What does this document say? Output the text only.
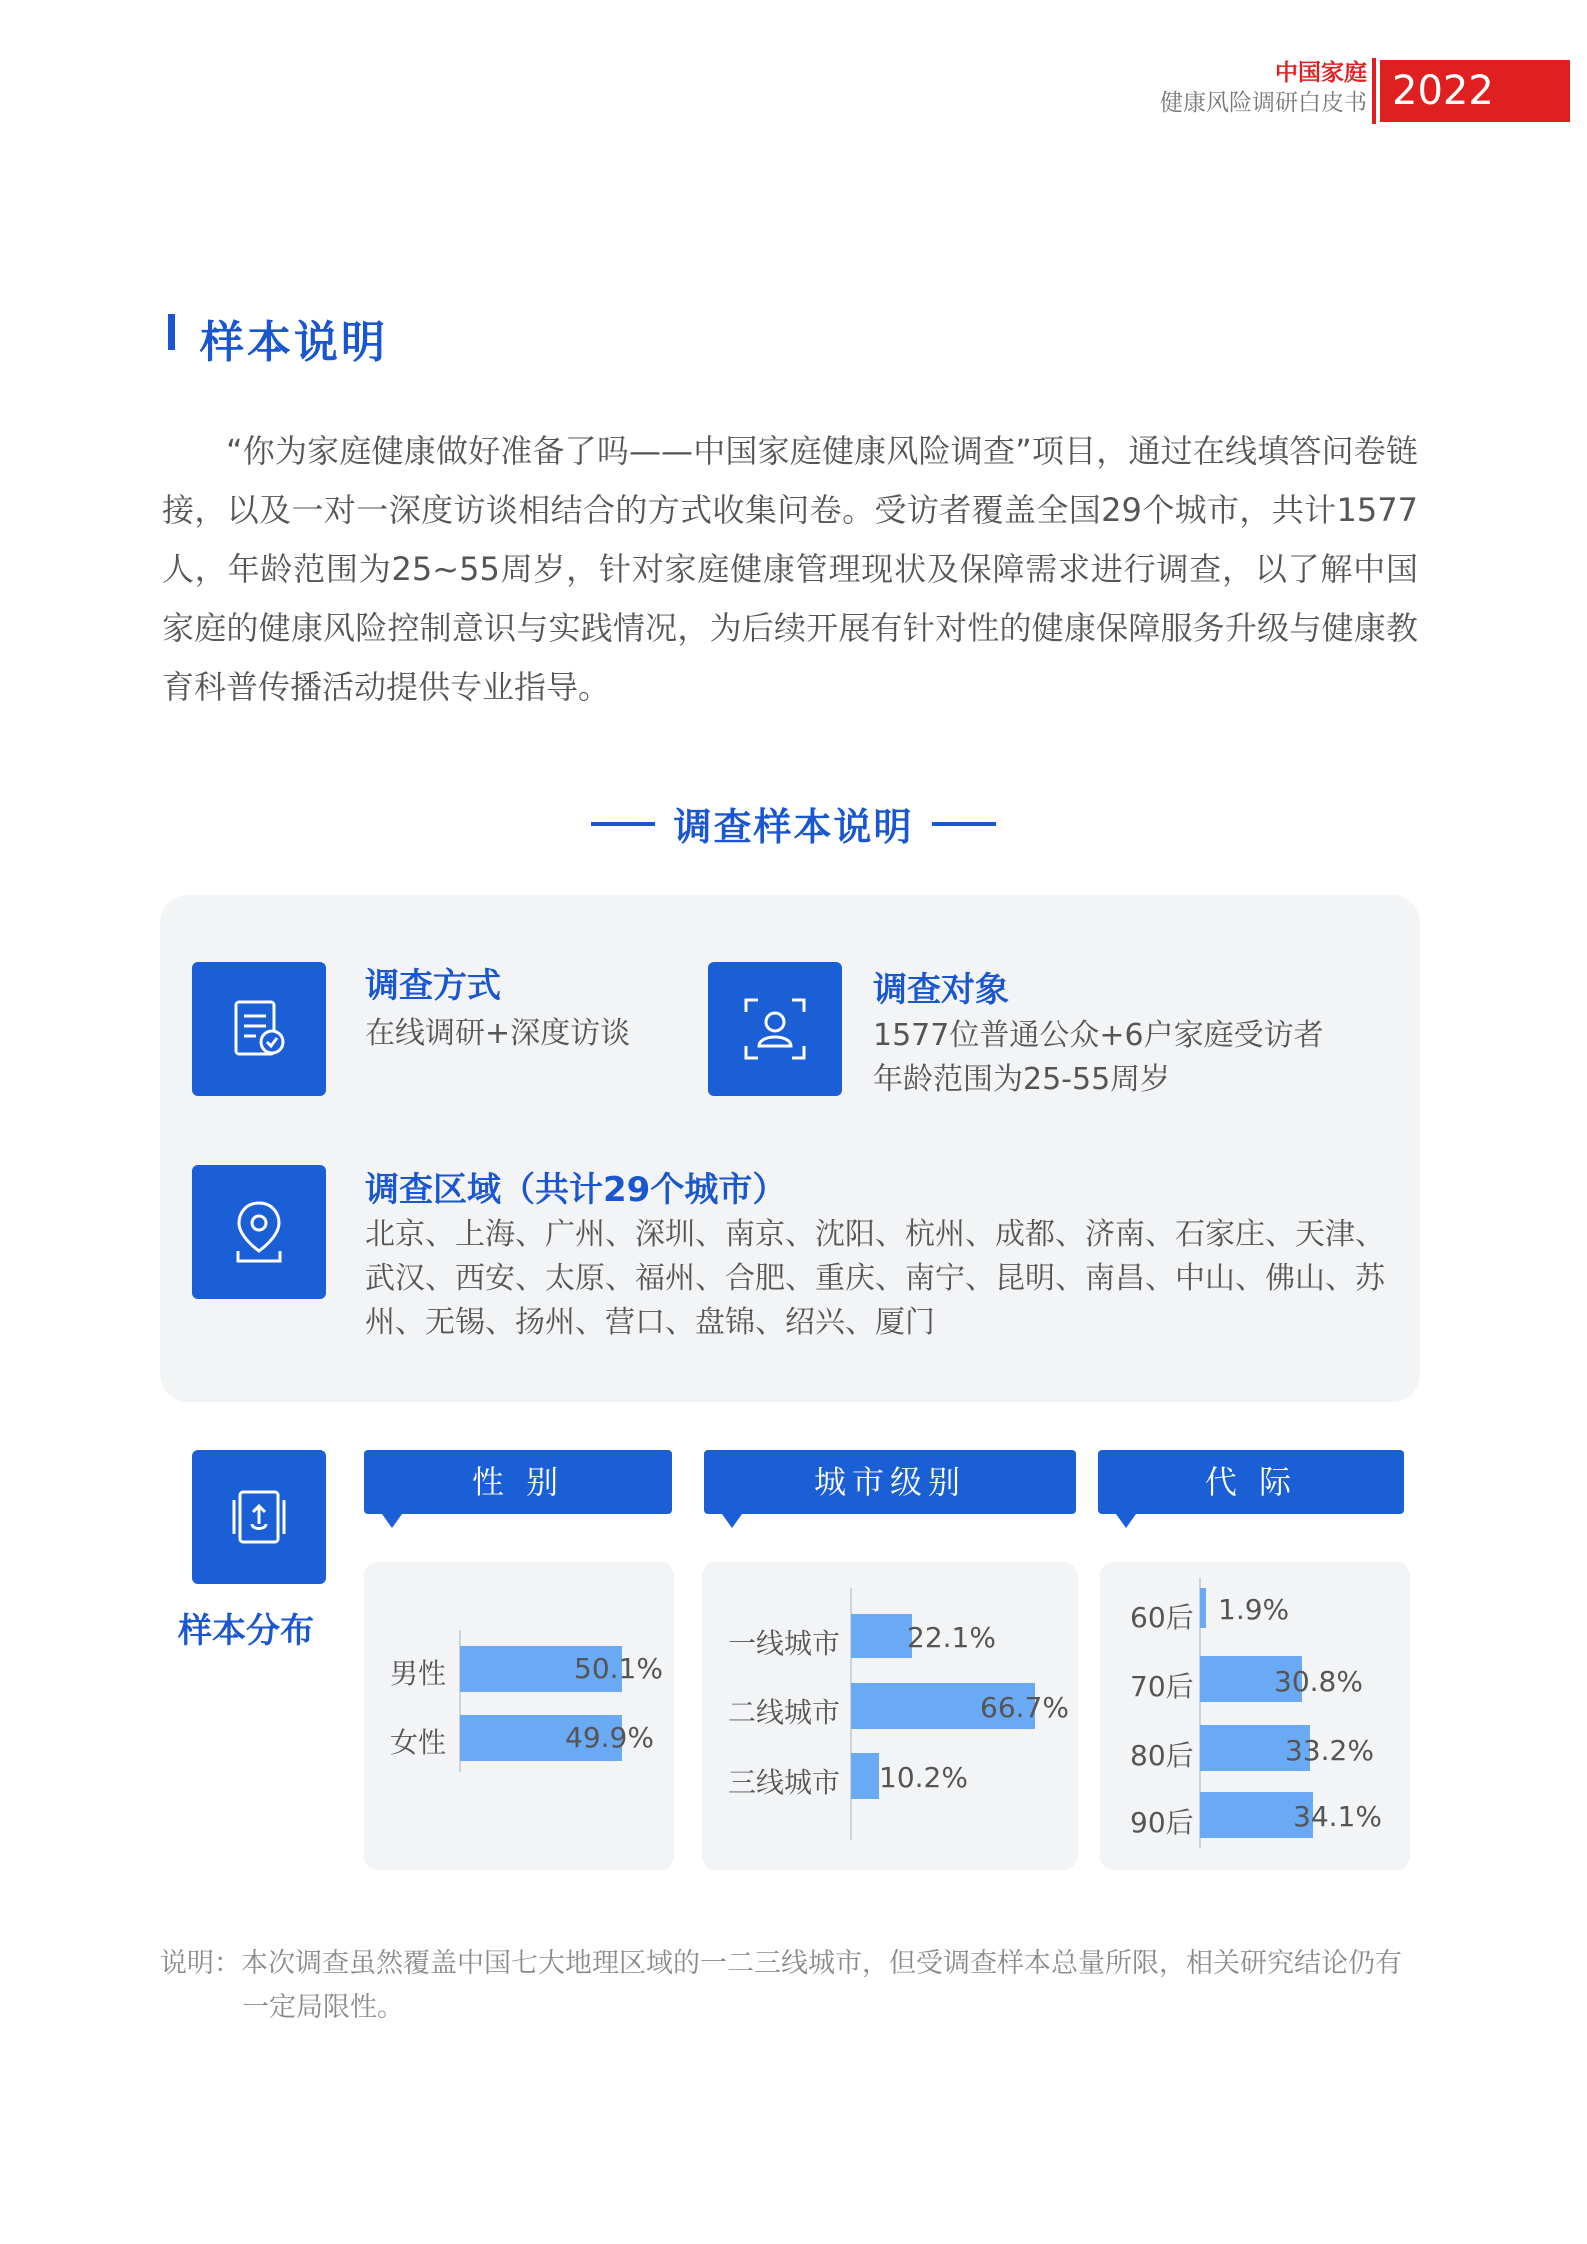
中国家庭
健康风险调研白皮书 2022
样本说明
“你为家庭健康做好准备了吗——中国家庭健康风险调查”项目，通过在线填答问卷链接，以及一对一深度访谈相结合的方式收集问卷。受访者覆盖全国29个城市，共计1577人，年龄范围为25~55周岁，针对家庭健康管理现状及保障需求进行调查，以了解中国家庭的健康风险控制意识与实践情况，为后续开展有针对性的健康保障服务升级与健康教育科普传播活动提供专业指导。
调查样本说明
调查方式
在线调研+深度访谈
调查对象
1577位普通公众+6户家庭受访者
年龄范围为25-55周岁
调查区域（共计29个城市）
北京、上海、广州、深圳、南京、沈阳、杭州、成都、济南、石家庄、天津、武汉、西安、太原、福州、合肥、重庆、南宁、昆明、南昌、中山、佛山、苏州、无锡、扬州、营口、盘锦、绍兴、厦门
样本分布
性 别
男性
女性
50.1%
49.9%
城市级别
一线城市
二线城市
三线城市
22.1%
66.7%
10.2%
代 际
60后
70后
80后
90后
1.9%
30.8%
33.2%
34.1%
说明：本次调查虽然覆盖中国七大地理区域的一二三线城市，但受调查样本总量所限，相关研究结论仍有
一定局限性。
